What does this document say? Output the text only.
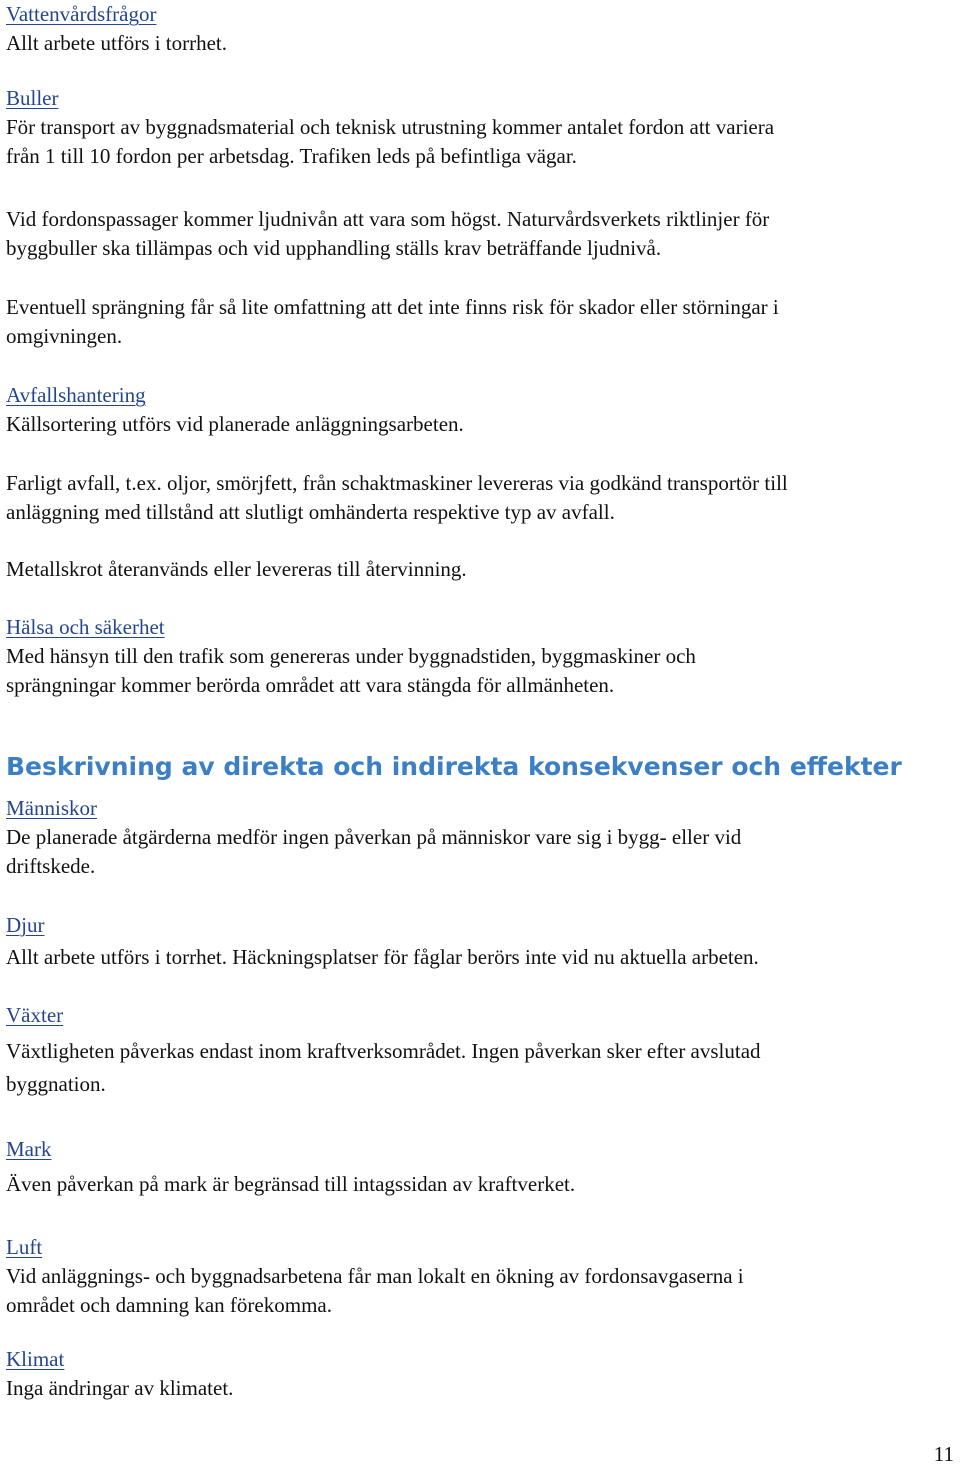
Vattenvårdsfrågor
Allt arbete utförs i torrhet.
Buller
För transport av byggnadsmaterial och teknisk utrustning kommer antalet fordon att variera
från 1 till 10 fordon per arbetsdag. Trafiken leds på befintliga vägar.
Vid fordonspassager kommer ljudnivån att vara som högst. Naturvårdsverkets riktlinjer för
byggbuller ska tillämpas och vid upphandling ställs krav beträffande ljudnivå.
Eventuell sprängning får så lite omfattning att det inte finns risk för skador eller störningar i
omgivningen.
Avfallshantering
Källsortering utförs vid planerade anläggningsarbeten.
Farligt avfall, t.ex. oljor, smörjfett, från schaktmaskiner levereras via godkänd transportör till
anläggning med tillstånd att slutligt omhänderta respektive typ av avfall.
Metallskrot återanvänds eller levereras till återvinning.
Hälsa och säkerhet
Med hänsyn till den trafik som genereras under byggnadstiden, byggmaskiner och
sprängningar kommer berörda området att vara stängda för allmänheten.
Beskrivning av direkta och indirekta konsekvenser och effekter
Människor
De planerade åtgärderna medför ingen påverkan på människor vare sig i bygg- eller vid
driftskede.
Djur
Allt arbete utförs i torrhet. Häckningsplatser för fåglar berörs inte vid nu aktuella arbeten.
Växter
Växtligheten påverkas endast inom kraftverksområdet. Ingen påverkan sker efter avslutad
byggnation.
Mark
Även påverkan på mark är begränsad till intagssidan av kraftverket.
Luft
Vid anläggnings- och byggnadsarbetena får man lokalt en ökning av fordonsavgaserna i
området och damning kan förekomma.
Klimat
Inga ändringar av klimatet.
11
